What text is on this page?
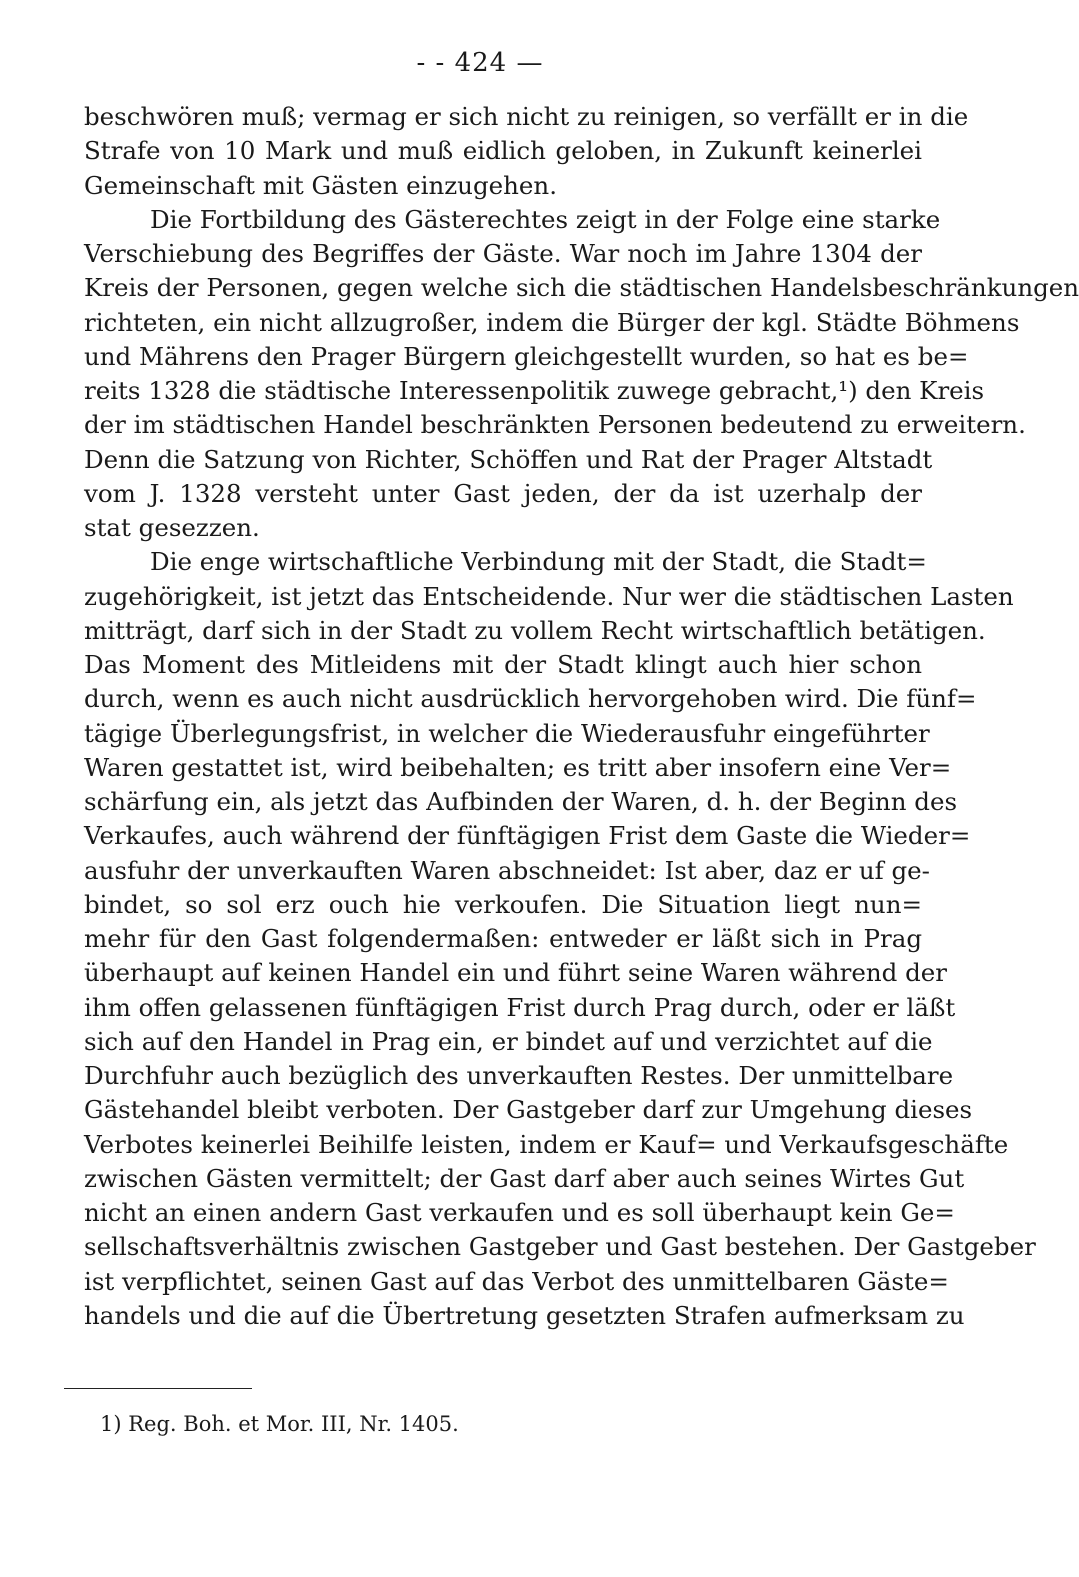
- - 424 —
beschwören muß; vermag er sich nicht zu reinigen, so verfällt er in die
Strafe von 10 Mark und muß eidlich geloben, in Zukunft keinerlei
Gemeinschaft mit Gästen einzugehen.
Die Fortbildung des Gästerechtes zeigt in der Folge eine starke
Verschiebung des Begriffes der Gäste. War noch im Jahre 1304 der
Kreis der Personen, gegen welche sich die städtischen Handelsbeschränkungen
richteten, ein nicht allzugroßer, indem die Bürger der kgl. Städte Böhmens
und Mährens den Prager Bürgern gleichgestellt wurden, so hat es be=
reits 1328 die städtische Interessenpolitik zuwege gebracht,¹) den Kreis
der im städtischen Handel beschränkten Personen bedeutend zu erweitern.
Denn die Satzung von Richter, Schöffen und Rat der Prager Altstadt
vom J. 1328 versteht unter Gast jeden, der da ist uzerhalp der
stat gesezzen.
Die enge wirtschaftliche Verbindung mit der Stadt, die Stadt=
zugehörigkeit, ist jetzt das Entscheidende. Nur wer die städtischen Lasten
mitträgt, darf sich in der Stadt zu vollem Recht wirtschaftlich betätigen.
Das Moment des Mitleidens mit der Stadt klingt auch hier schon
durch, wenn es auch nicht ausdrücklich hervorgehoben wird. Die fünf=
tägige Überlegungsfrist, in welcher die Wiederausfuhr eingeführter
Waren gestattet ist, wird beibehalten; es tritt aber insofern eine Ver=
schärfung ein, als jetzt das Aufbinden der Waren, d. h. der Beginn des
Verkaufes, auch während der fünftägigen Frist dem Gaste die Wieder=
ausfuhr der unverkauften Waren abschneidet: Ist aber, daz er uf ge-
bindet, so sol erz ouch hie verkoufen. Die Situation liegt nun=
mehr für den Gast folgendermaßen: entweder er läßt sich in Prag
überhaupt auf keinen Handel ein und führt seine Waren während der
ihm offen gelassenen fünftägigen Frist durch Prag durch, oder er läßt
sich auf den Handel in Prag ein, er bindet auf und verzichtet auf die
Durchfuhr auch bezüglich des unverkauften Restes. Der unmittelbare
Gästehandel bleibt verboten. Der Gastgeber darf zur Umgehung dieses
Verbotes keinerlei Beihilfe leisten, indem er Kauf= und Verkaufsgeschäfte
zwischen Gästen vermittelt; der Gast darf aber auch seines Wirtes Gut
nicht an einen andern Gast verkaufen und es soll überhaupt kein Ge=
sellschaftsverhältnis zwischen Gastgeber und Gast bestehen. Der Gastgeber
ist verpflichtet, seinen Gast auf das Verbot des unmittelbaren Gäste=
handels und die auf die Übertretung gesetzten Strafen aufmerksam zu
1) Reg. Boh. et Mor. III, Nr. 1405.
